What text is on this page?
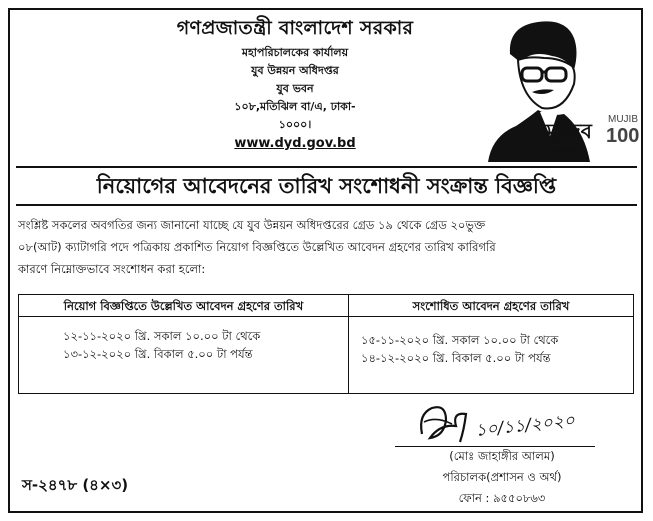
গণপ্রজাতন্ত্রী বাংলাদেশ সরকার
মহাপরিচালকের কার্যালয়
যুব উন্নয়ন অধিদপ্তর
যুব ভবন
১০৮,মতিঝিল বা/এ, ঢাকা-
১০০০।
www.dyd.gov.bd
মুজিব
শতবর্ষ
MUJIB
100
নিয়োগের আবেদনের তারিখ সংশোধনী সংক্রান্ত বিজ্ঞপ্তি
সংশ্লিষ্ট সকলের অবগতির জন্য জানানো যাচ্ছে যে যুব উন্নয়ন অধিদপ্তরের গ্রেড ১৯ থেকে গ্রেড ২০ভুক্ত
০৮(আট) ক্যাটাগরি পদে পত্রিকায় প্রকাশিত নিয়োগ বিজ্ঞপ্তিতে উল্লেখিত আবেদন গ্রহণের তারিখ কারিগরি
কারণে নিম্নোক্তভাবে সংশোধন করা হলো:
নিয়োগ বিজ্ঞপ্তিতে উল্লেখিত আবেদন গ্রহণের তারিখ
১২-১১-২০২০ খ্রি. সকাল ১০.০০ টা থেকে
১৩-১২-২০২০ খ্রি. বিকাল ৫.০০ টা পর্যন্ত
সংশোধিত আবেদন গ্রহণের তারিখ
১৫-১১-২০২০ খ্রি. সকাল ১০.০০ টা থেকে
১৪-১২-২০২০ খ্রি. বিকাল ৫.০০ টা পর্যন্ত
১০/১১/২০২০
(মোঃ জাহাঙ্গীর আলম)
পরিচালক(প্রশাসন ও অর্থ)
ফোন : ৯৫৫০৮৬৩
স-২৪৭৮ (৪×৩)
